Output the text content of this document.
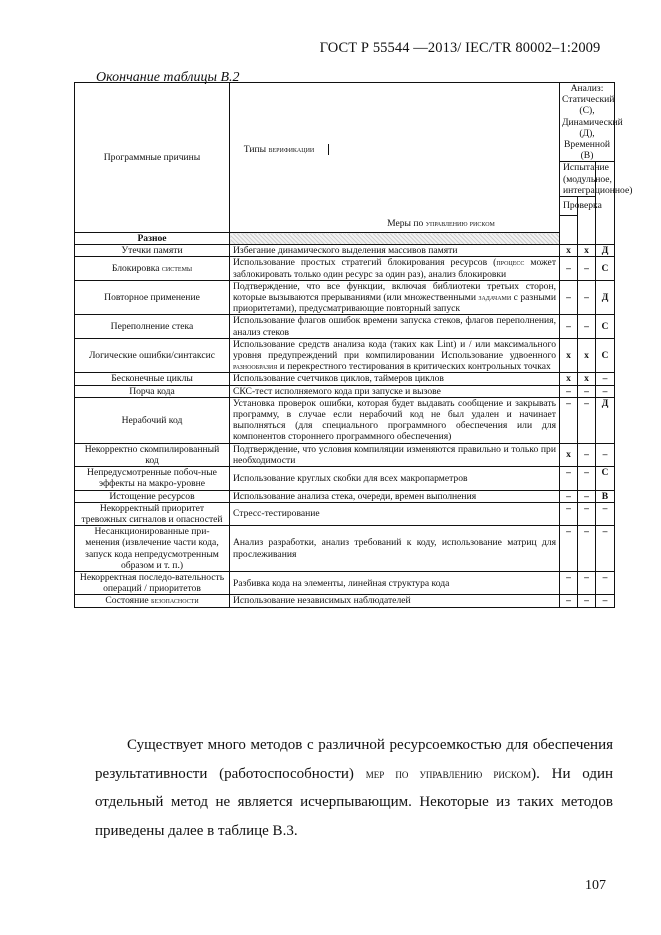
ГОСТ Р 55544 —2013/ IEC/TR 80002–1:2009
Окончание таблицы В.2
Программные причины	Типы верификации	Анализ: Статический (С), Динамический (Д), Временной (В)		
		Испытание (модульное, интеграционное)		
		Проверка		
	Меры по управлению риском			
Разное				
Утечки памяти	Избегание динамического выделения массивов памяти	x	x	Д
Блокировка системы	Использование простых стратегий блокирования ресурсов (процесс может заблокировать только один ресурс за один раз), анализ блокировки	–	–	С
Повторное применение	Подтверждение, что все функции, включая библиотеки третьих сторон, которые вызываются прерываниями (или множественными задачами с разными приоритетами), предусматривающие повторный запуск	–	–	Д
Переполнение стека	Использование флагов ошибок времени запуска стеков, флагов переполнения, анализ стеков	–	–	С
Логические ошибки/синтаксис	Использование средств анализа кода (таких как Lint) и / или максимального уровня предупреждений при компилировании Использование удвоенного разнообразия и перекрестного тестирования в критических контрольных точках	x	x	С
Бесконечные циклы	Использование счетчиков циклов, таймеров циклов	x	x	–
Порча кода	СКС-тест исполняемого кода при запуске и вызове	–	–	–
Нерабочий код	Установка проверок ошибки, которая будет выдавать сообщение и закрывать программу, в случае если нерабочий код не был удален и начинает выполняться (для специального программного обеспечения или для компонентов стороннего программного обеспечения)	–	–	Д
Некорректно скомпилированный код	Подтверждение, что условия компиляции изменяются правильно и только при необходимости	x	–	–
Непредусмотренные побоч-ные эффекты на макро-уровне	Использование круглых скобки для всех макропарметров	–	–	С
Истощение ресурсов	Использование анализа стека, очереди, времен выполнения	–	–	В
Некорректный приоритет тревожных сигналов и опасностей	Стресс-тестирование	–	–	–
Несанкционированные при-менения (извлечение части кода, запуск кода непредусмотренным образом и т. п.)	Анализ разработки, анализ требований к коду, использование матриц для прослеживания	–	–	–
Некорректная последо-вательность операций / приоритетов	Разбивка кода на элементы, линейная структура кода	–	–	–
Состояние безопасности	Использование независимых наблюдателей	–	–	–
Существует много методов с различной ресурсоемкостью для обеспечения результативности (работоспособности) мер по управлению риском). Ни один отдельный метод не является исчерпывающим. Некоторые из таких методов приведены далее в таблице В.3.
107
